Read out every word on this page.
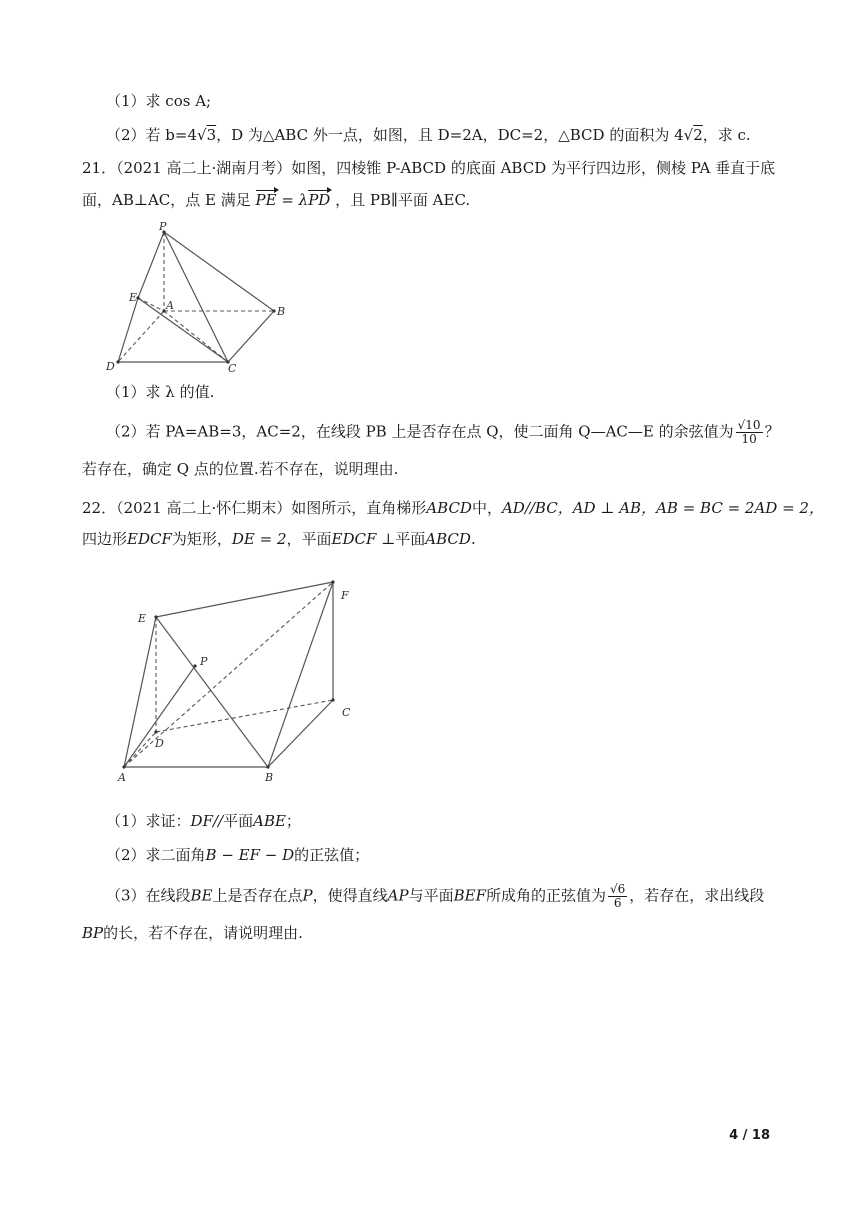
（1）求 cos A;
（2）若 b=4√3，D 为△ABC 外一点，如图，且 D=2A，DC=2，△BCD 的面积为 4√2，求 c.
21．（2021 高二上·湖南月考）如图，四棱锥 P-ABCD 的底面 ABCD 为平行四边形，侧棱 PA 垂直于底
面，AB⊥AC，点 E 满足 PE = λPD ，且 PB∥平面 AEC.
P
E
A	B
D	C
（1）求 λ 的值.
（2）若 PA=AB=3，AC=2，在线段 PB 上是否存在点 Q，使二面角 Q—AC—E 的余弦值为 $\frac{√10}{10}$ ？
若存在，确定 Q 点的位置.若不存在，说明理由.
22．（2021 高二上·怀仁期末）如图所示，直角梯形ABCD中，AD//BC，AD ⊥ AB，AB = BC = 2AD = 2，
四边形EDCF为矩形，DE = 2，平面EDCF ⊥平面ABCD.
E
F
P
C
D
A	B
（1）求证：DF//平面ABE；
（2）求二面角B − EF − D的正弦值；
（3）在线段BE上是否存在点P，使得直线AP与平面BEF所成角的正弦值为 $\frac{√6}{6}$ ，若存在，求出线段
BP的长，若不存在，请说明理由.
4 / 18
